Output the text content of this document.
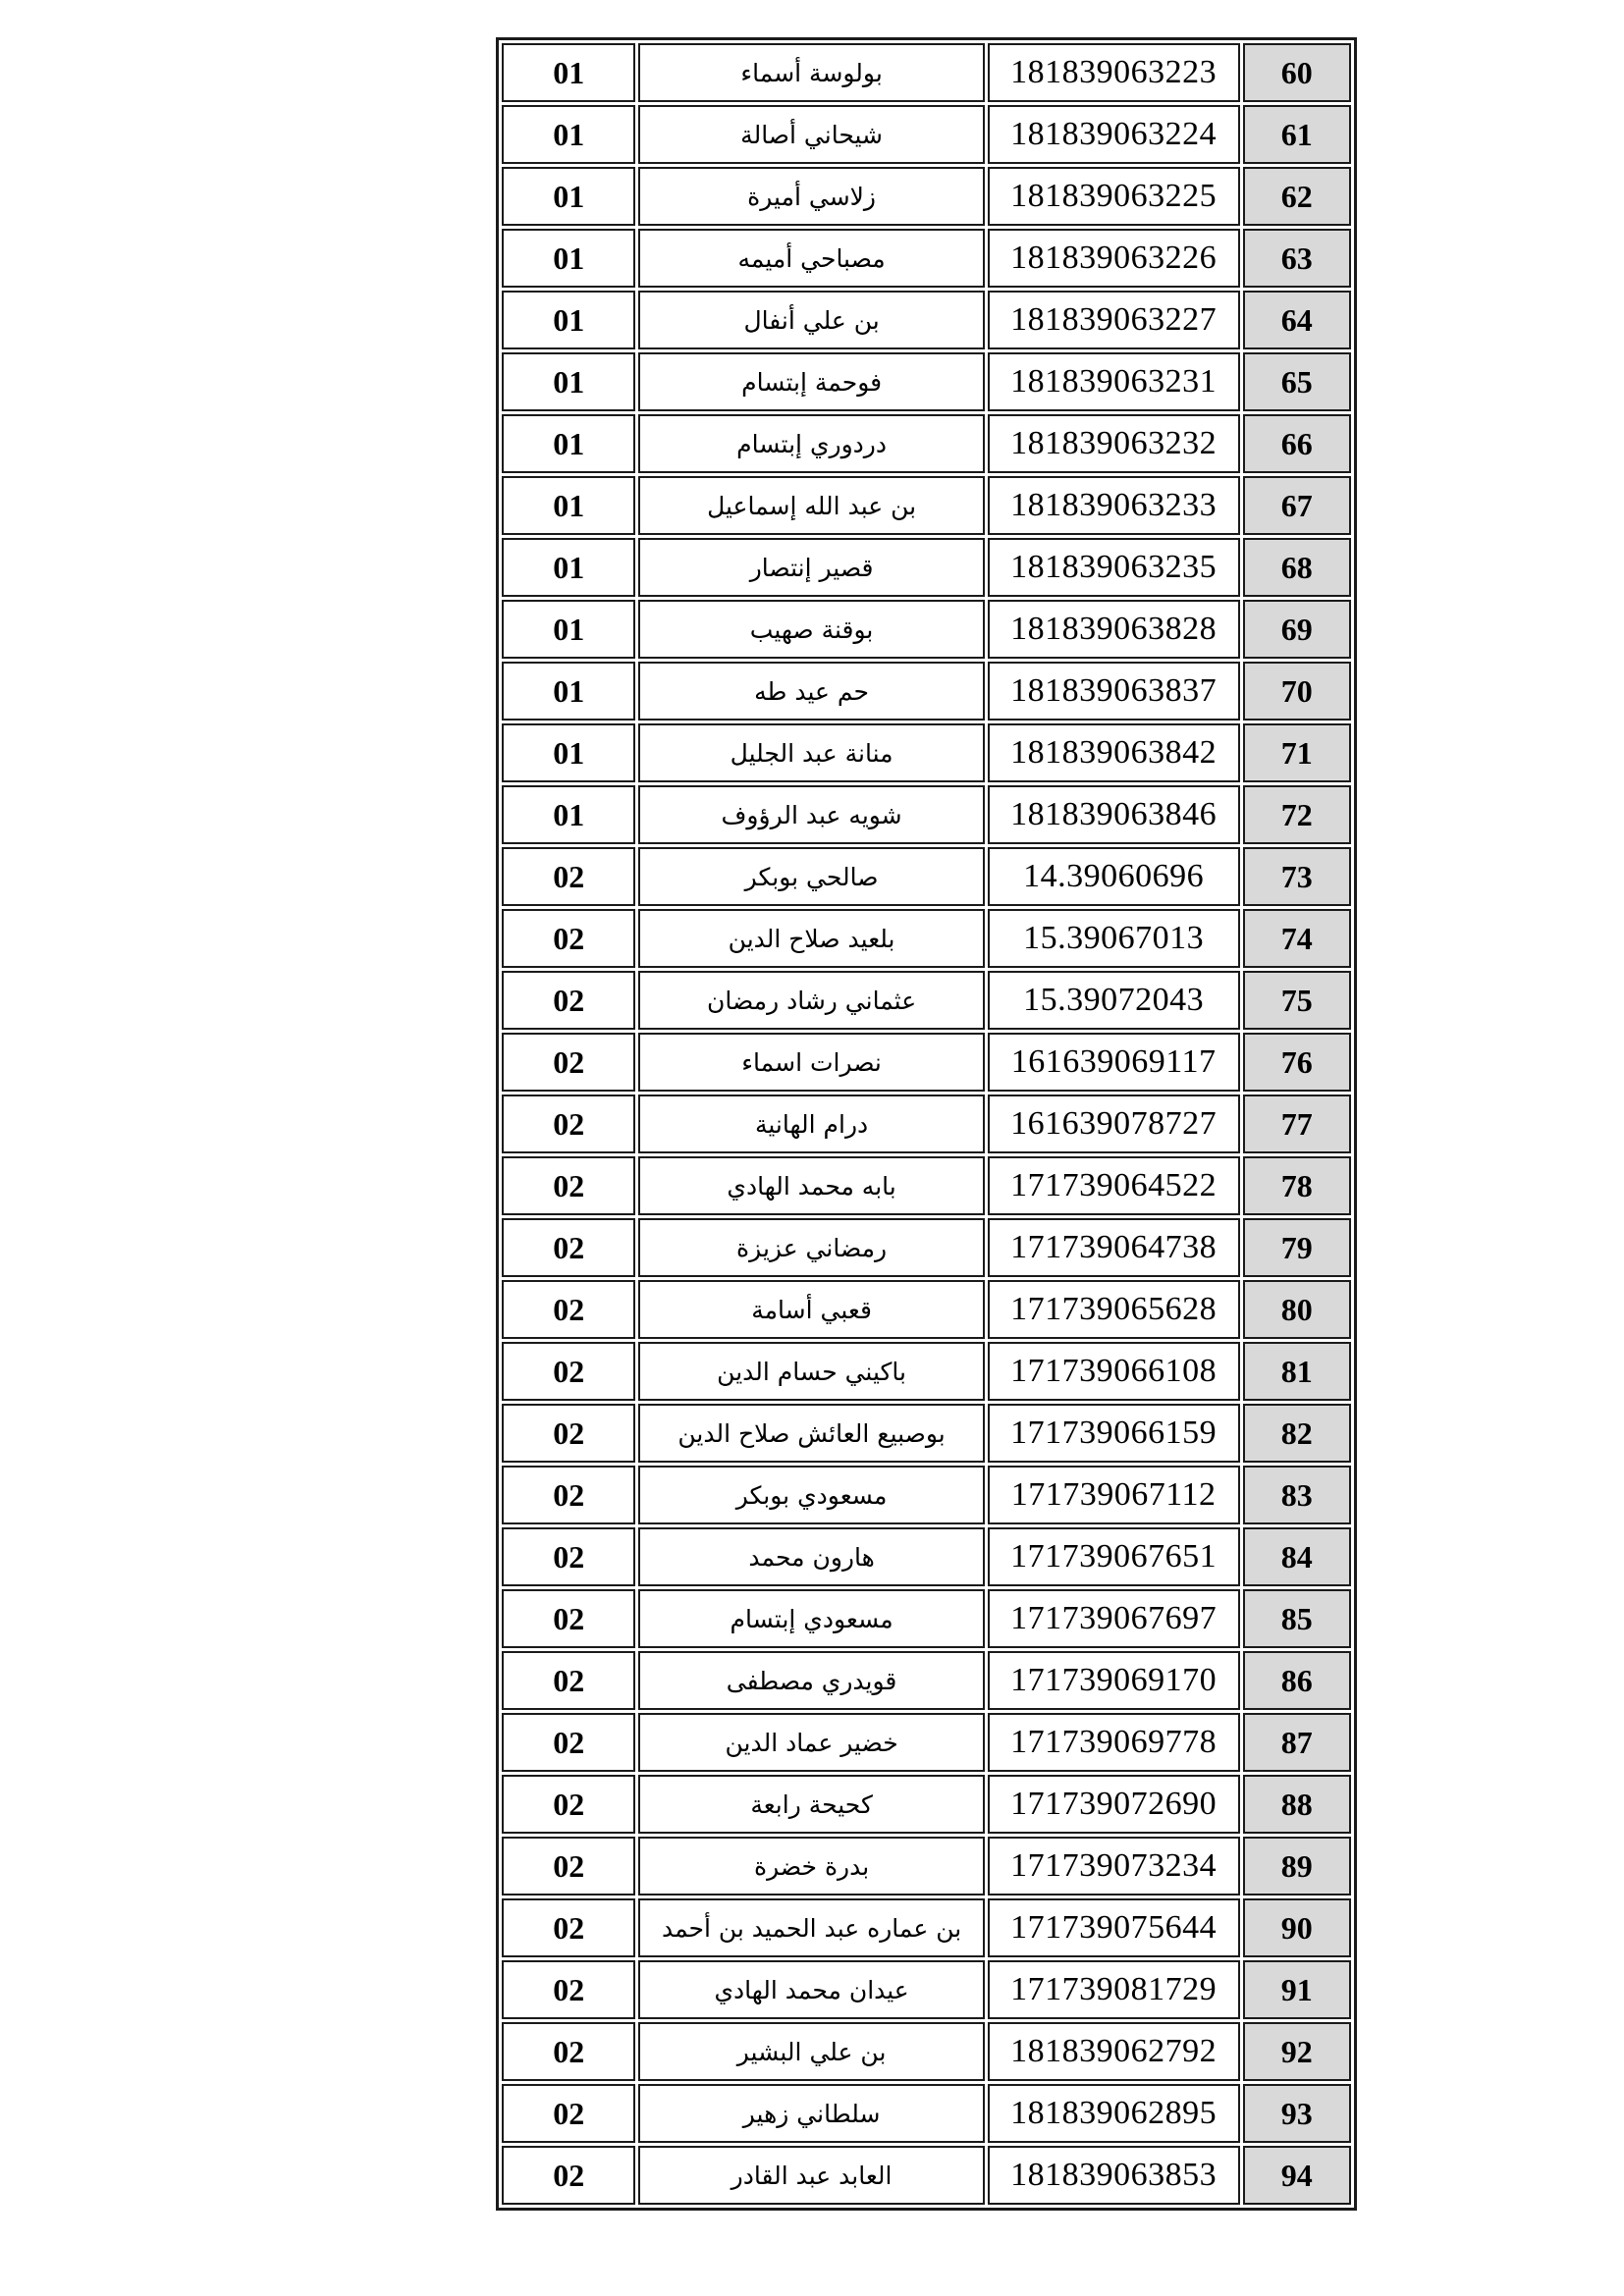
01	بولوسة أسماء	181839063223	60
01	شيحاني أصالة	181839063224	61
01	زلاسي أميرة	181839063225	62
01	مصباحي أميمه	181839063226	63
01	بن علي أنفال	181839063227	64
01	فوحمة إبتسام	181839063231	65
01	دردوري إبتسام	181839063232	66
01	بن عبد الله إسماعيل	181839063233	67
01	قصير إنتصار	181839063235	68
01	بوقنة صهيب	181839063828	69
01	حم عيد طه	181839063837	70
01	منانة عبد الجليل	181839063842	71
01	شويه عبد الرؤوف	181839063846	72
02	صالحي بوبكر	14.39060696	73
02	بلعيد صلاح الدين	15.39067013	74
02	عثماني رشاد رمضان	15.39072043	75
02	نصرات اسماء	161639069117	76
02	درام الهانية	161639078727	77
02	بابه محمد الهادي	171739064522	78
02	رمضاني عزيزة	171739064738	79
02	قعبي أسامة	171739065628	80
02	باكيني حسام الدين	171739066108	81
02	بوصبيع العائش صلاح الدين	171739066159	82
02	مسعودي بوبكر	171739067112	83
02	هارون محمد	171739067651	84
02	مسعودي إبتسام	171739067697	85
02	قويدري مصطفى	171739069170	86
02	خضير عماد الدين	171739069778	87
02	كحيحة رابعة	171739072690	88
02	بدرة خضرة	171739073234	89
02	بن عماره عبد الحميد بن أحمد	171739075644	90
02	عيدان محمد الهادي	171739081729	91
02	بن علي البشير	181839062792	92
02	سلطاني زهير	181839062895	93
02	العابد عبد القادر	181839063853	94
